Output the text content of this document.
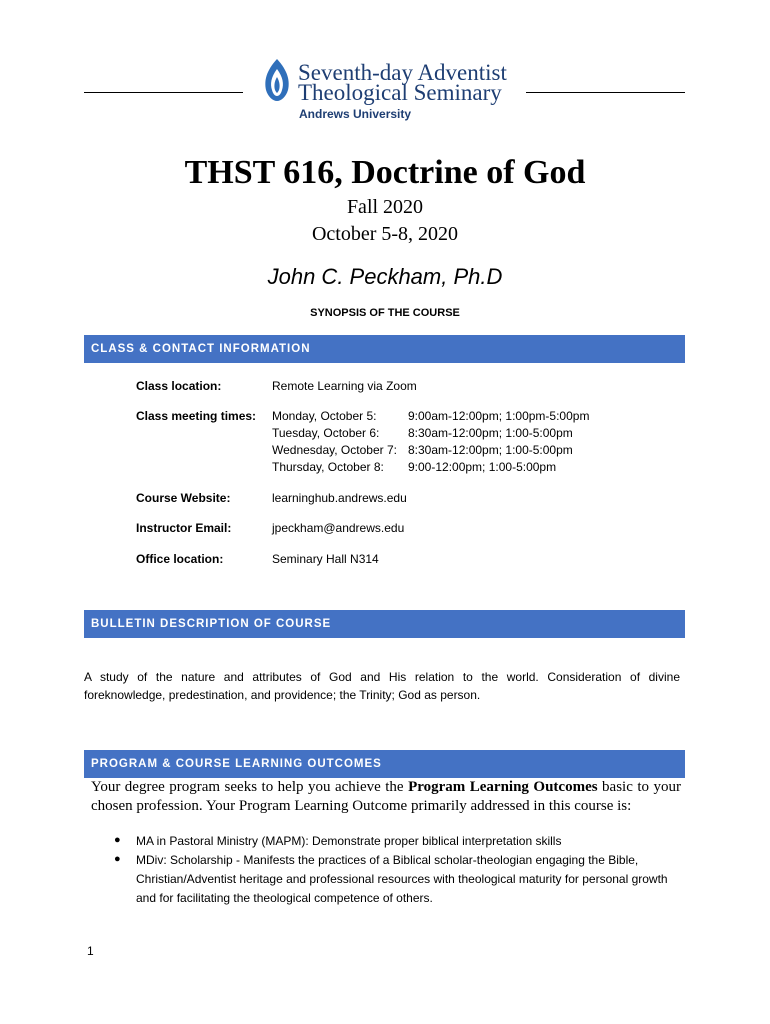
Seventh-day Adventist
Theological Seminary
Andrews University
THST 616, Doctrine of God
Fall 2020
October 5-8, 2020
John C. Peckham, Ph.D
SYNOPSIS OF THE COURSE
CLASS & CONTACT INFORMATION
Class location:	Remote Learning via Zoom
Class meeting times: Monday, October 5:	9:00am-12:00pm; 1:00pm-5:00pm
Tuesday, October 6: 8:30am-12:00pm; 1:00-5:00pm
Wednesday, October 7: 8:30am-12:00pm; 1:00-5:00pm
Thursday, October 8: 9:00-12:00pm; 1:00-5:00pm
Course Website:	learninghub.andrews.edu
Instructor Email:	jpeckham@andrews.edu
Office location:	Seminary Hall N314
BULLETIN DESCRIPTION OF COURSE
A study of the nature and attributes of God and His relation to the world. Consideration of divine
foreknowledge, predestination, and providence; the Trinity; God as person.
PROGRAM & COURSE LEARNING OUTCOMES
Your degree program seeks to help you achieve the Program Learning Outcomes basic to your chosen profession. Your Program Learning Outcome primarily addressed in this course is:
● MA in Pastoral Ministry (MAPM): Demonstrate proper biblical interpretation skills
● MDiv: Scholarship - Manifests the practices of a Biblical scholar-theologian engaging the Bible, Christian/Adventist heritage and professional resources with theological maturity for personal growth and for facilitating the theological competence of others.
1
